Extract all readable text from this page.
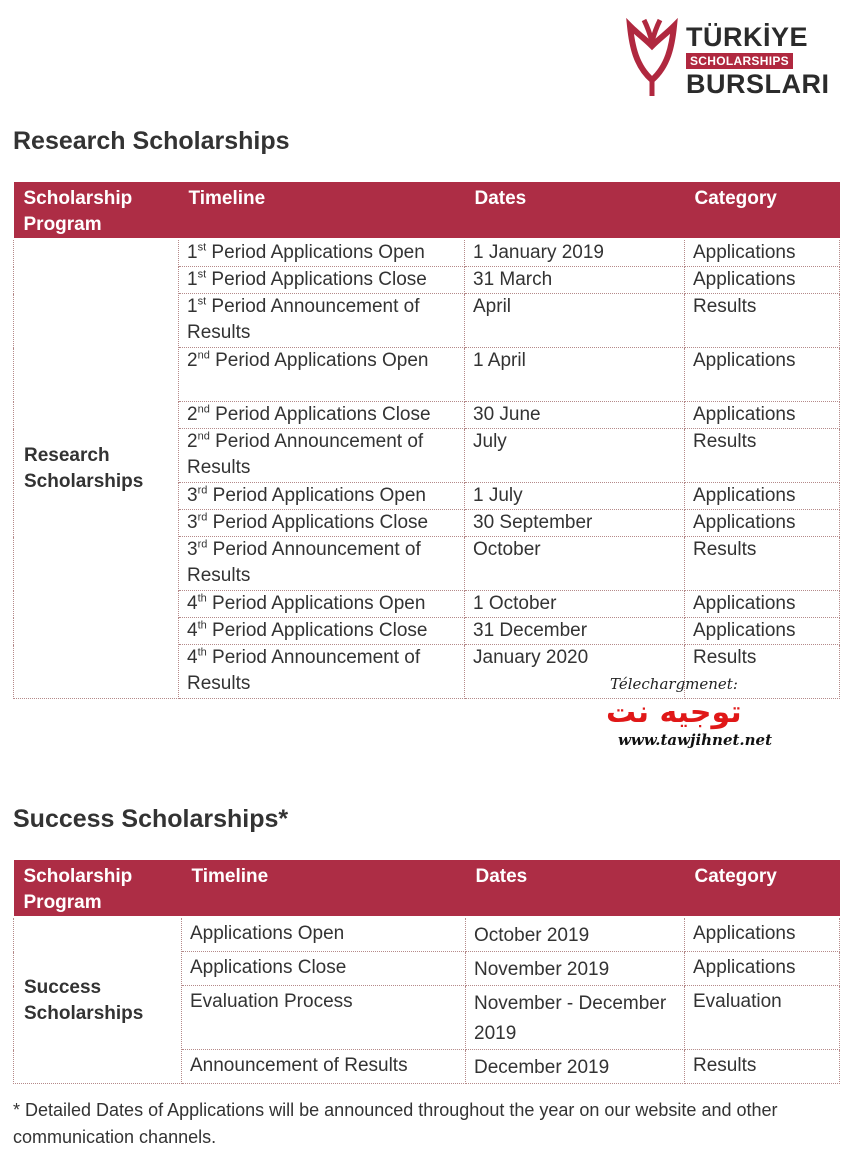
TÜRKİYE
SCHOLARSHIPS
BURSLARI
Research Scholarships
Scholarship Program	Timeline	Dates	Category
Research Scholarships	1st Period Applications Open	1 January 2019	Applications
	1st Period Applications Close	31 March	Applications
	1st Period Announcement of Results	April	Results
	2nd Period Applications Open	1 April	Applications
	2nd Period Applications Close	30 June	Applications
	2nd Period Announcement of Results	July	Results
	3rd Period Applications Open	1 July	Applications
	3rd Period Applications Close	30 September	Applications
	3rd Period Announcement of Results	October	Results
	4th Period Applications Open	1 October	Applications
	4th Period Applications Close	31 December	Applications
	4th Period Announcement of Results	January 2020	Results
Télechargmenet:
توجيه نت
www.tawjihnet.net
Success Scholarships*
Scholarship Program	Timeline	Dates	Category
Success Scholarships	Applications Open	October 2019	Applications
	Applications Close	November 2019	Applications
	Evaluation Process	November - December 2019	Evaluation
	Announcement of Results	December 2019	Results

* Detailed Dates of Applications will be announced throughout the year on our website and other communication channels.
